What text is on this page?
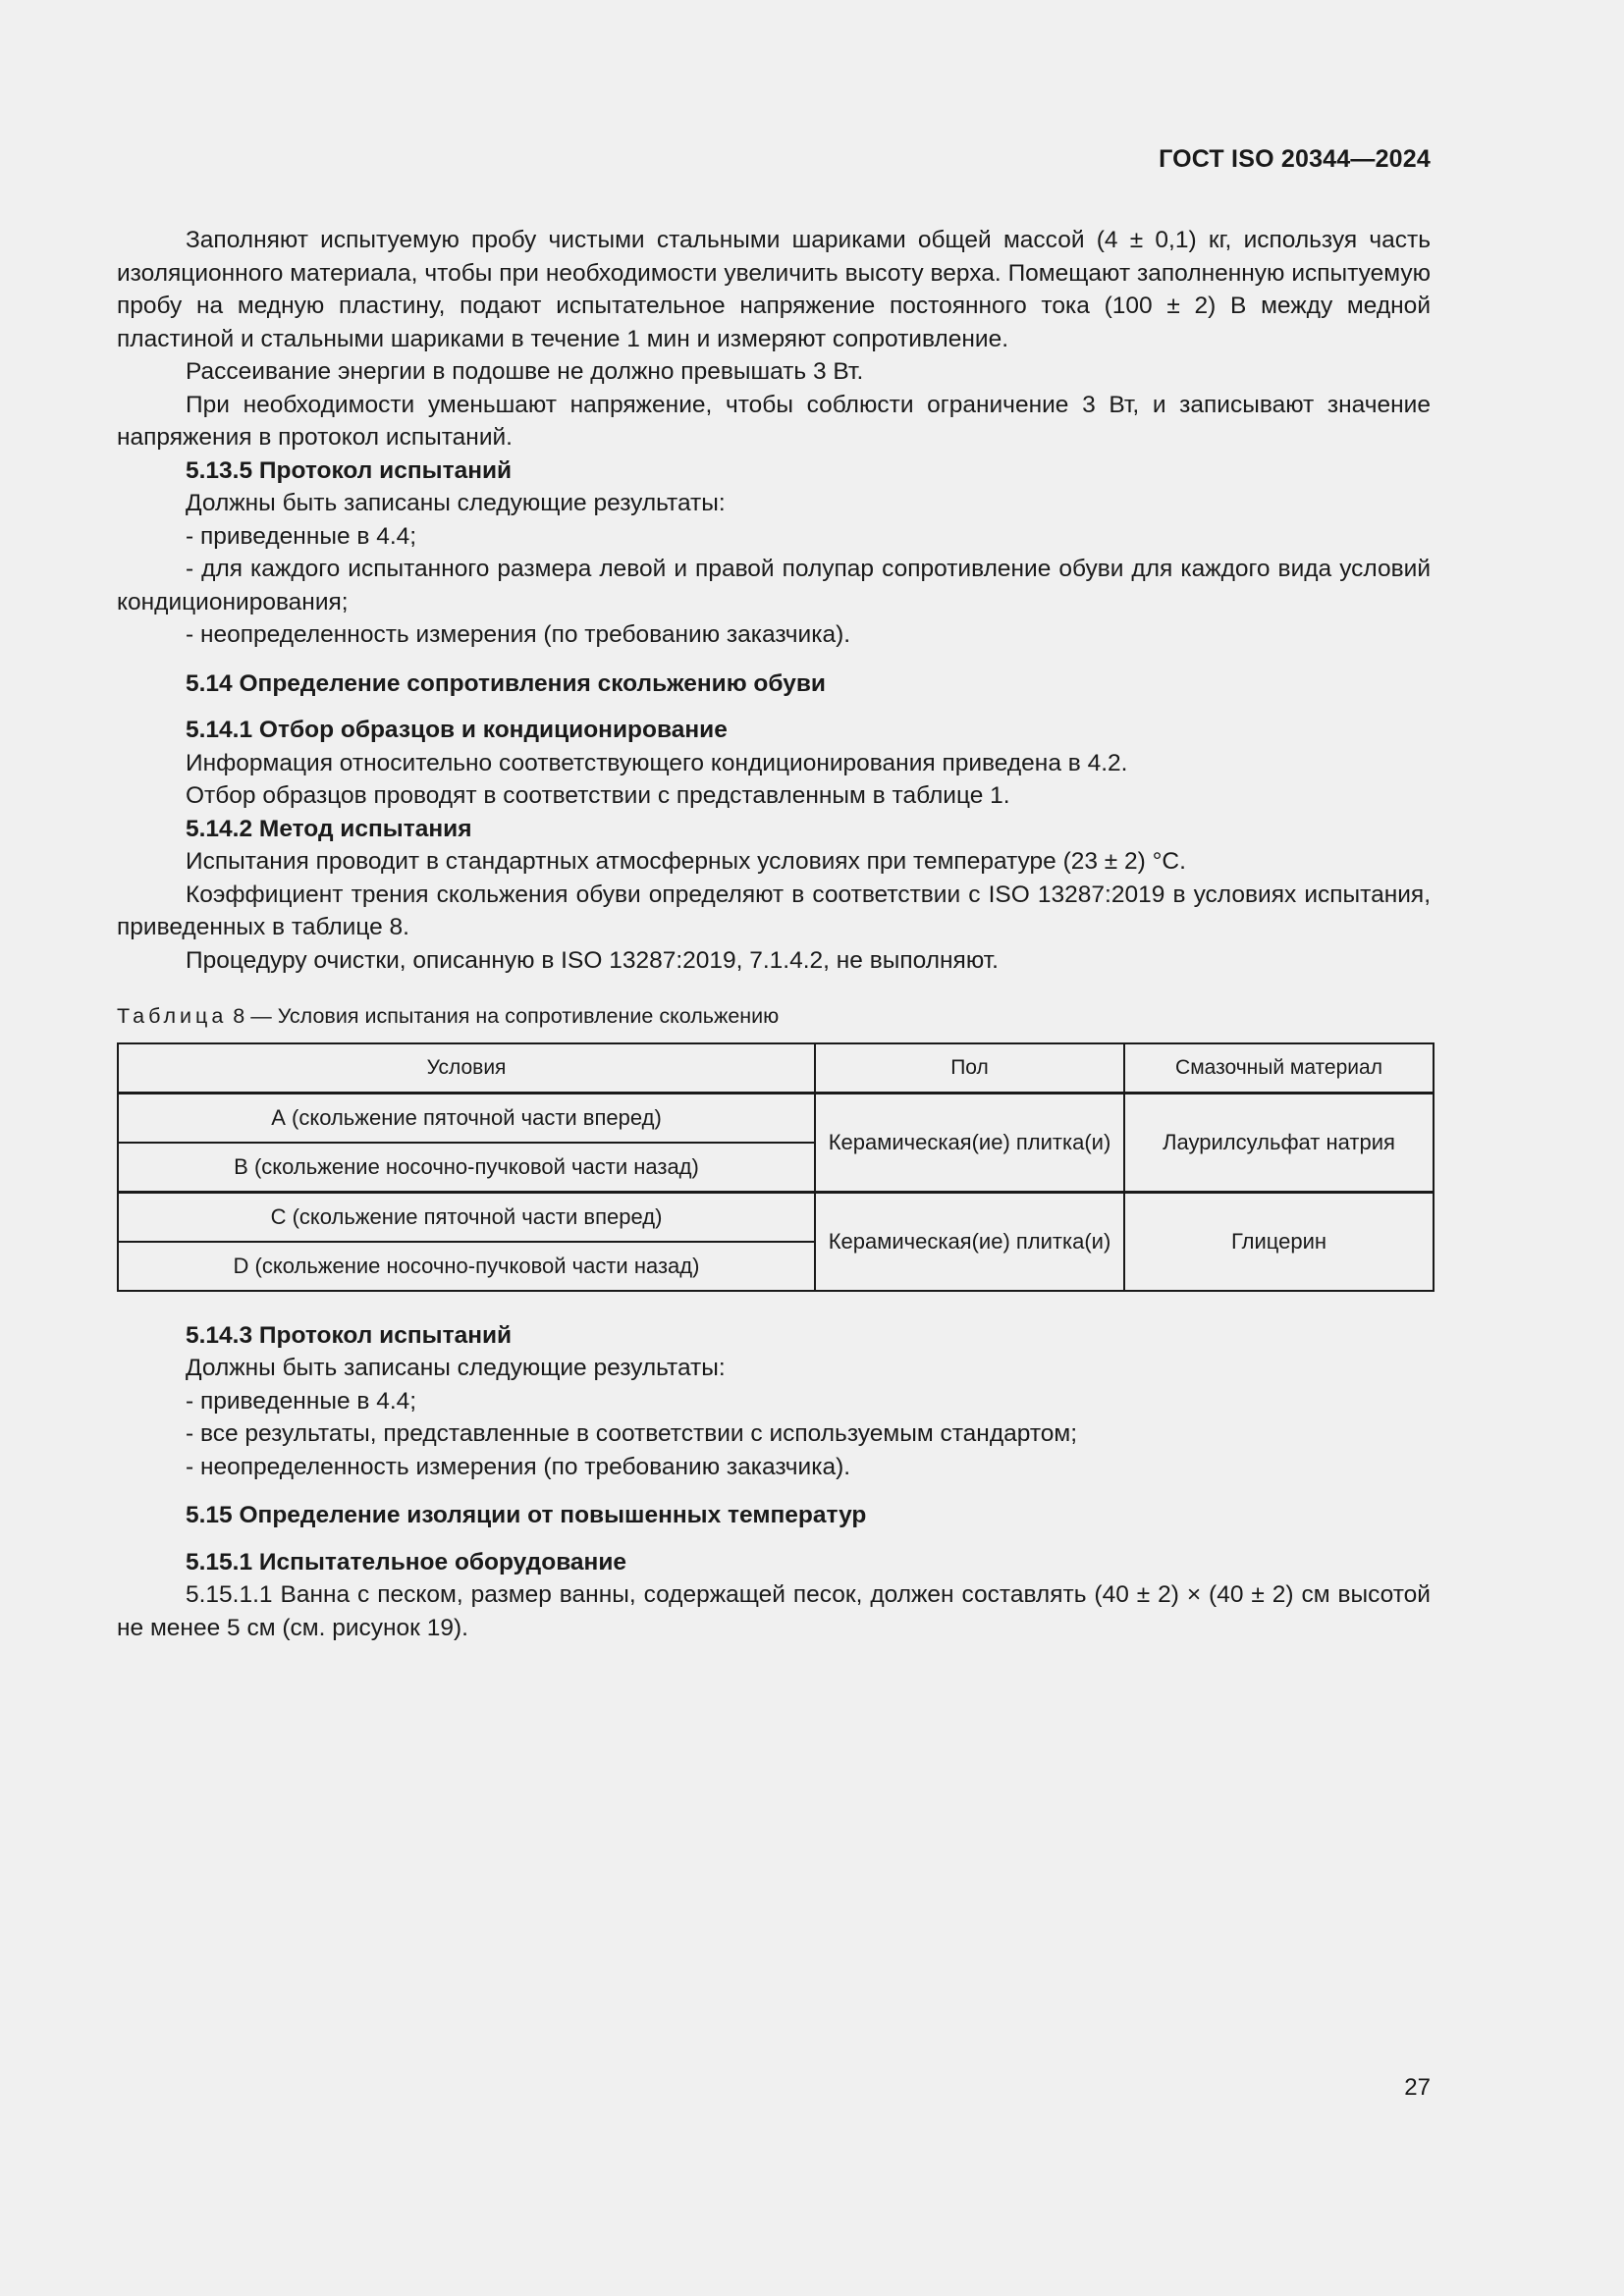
ГОСТ ISO 20344—2024

Заполняют испытуемую пробу чистыми стальными шариками общей массой (4 ± 0,1) кг, используя часть изоляционного материала, чтобы при необходимости увеличить высоту верха. Помещают заполненную испытуемую пробу на медную пластину, подают испытательное напряжение постоянного тока (100 ± 2) В между медной пластиной и стальными шариками в течение 1 мин и измеряют сопротивление.

Рассеивание энергии в подошве не должно превышать 3 Вт.

При необходимости уменьшают напряжение, чтобы соблюсти ограничение 3 Вт, и записывают значение напряжения в протокол испытаний.

5.13.5 Протокол испытаний

Должны быть записаны следующие результаты:

- приведенные в 4.4;

- для каждого испытанного размера левой и правой полупар сопротивление обуви для каждого вида условий кондиционирования;

- неопределенность измерения (по требованию заказчика).

5.14 Определение сопротивления скольжению обуви

5.14.1 Отбор образцов и кондиционирование

Информация относительно соответствующего кондиционирования приведена в 4.2.

Отбор образцов проводят в соответствии с представленным в таблице 1.

5.14.2 Метод испытания

Испытания проводит в стандартных атмосферных условиях при температуре (23 ± 2) °С.

Коэффициент трения скольжения обуви определяют в соответствии с ISO 13287:2019 в условиях испытания, приведенных в таблице 8.

Процедуру очистки, описанную в ISO 13287:2019, 7.1.4.2, не выполняют.

Таблица 8 — Условия испытания на сопротивление скольжению
Условия	Пол	Смазочный материал
А (скольжение пяточной части вперед)	Керамическая(ие) плитка(и)	Лаурилсульфат натрия
В (скольжение носочно-пучковой части назад)		
С (скольжение пяточной части вперед)	Керамическая(ие) плитка(и)	Глицерин
D (скольжение носочно-пучковой части назад)		

5.14.3 Протокол испытаний

Должны быть записаны следующие результаты:

- приведенные в 4.4;

- все результаты, представленные в соответствии с используемым стандартом;

- неопределенность измерения (по требованию заказчика).

5.15 Определение изоляции от повышенных температур

5.15.1 Испытательное оборудование

5.15.1.1 Ванна с песком, размер ванны, содержащей песок, должен составлять (40 ± 2) × (40 ± 2) см высотой не менее 5 см (см. рисунок 19).

27
